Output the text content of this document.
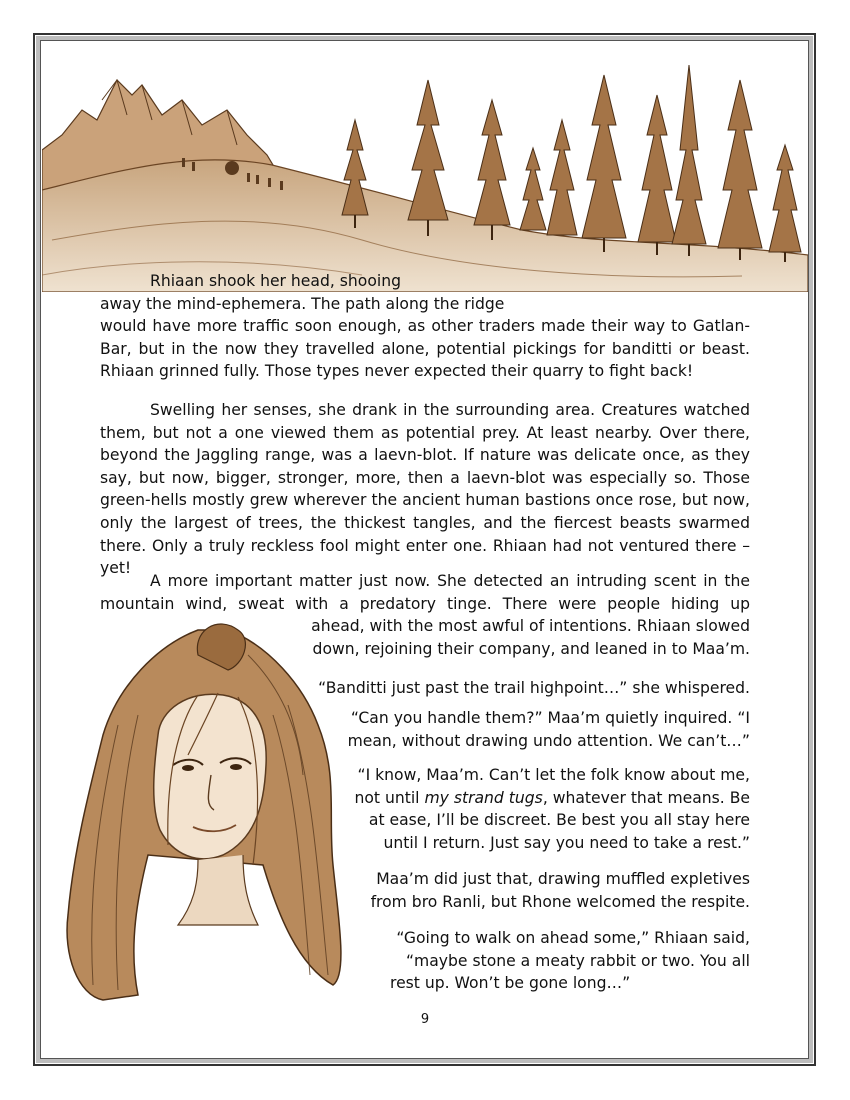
Rhiaan shook her head, shooing
away the mind-ephemera. The path along the ridge
would have more traffic soon enough, as other traders made their way to Gatlan-Bar, but in the now they travelled alone, potential pickings for banditti or beast. Rhiaan grinned fully. Those types never expected their quarry to fight back!

Swelling her senses, she drank in the surrounding area. Creatures watched them, but not a one viewed them as potential prey. At least nearby. Over there, beyond the Jaggling range, was a laevn-blot. If nature was delicate once, as they say, but now, bigger, stronger, more, then a laevn-blot was especially so. Those green-hells mostly grew wherever the ancient human bastions once rose, but now, only the largest of trees, the thickest tangles, and the fiercest beasts swarmed there. Only a truly reckless fool might enter one. Rhiaan had not ventured there – yet!

A more important matter just now. She detected an intruding scent in the
mountain wind, sweat with a predatory tinge. There were people hiding up
ahead, with the most awful of intentions. Rhiaan slowed
down, rejoining their company, and leaned in to Maa’m.
“Banditti just past the trail highpoint…” she whispered.
“Can you handle them?” Maa’m quietly inquired. “I
mean, without drawing undo attention. We can’t…”
“I know, Maa’m. Can’t let the folk know about me,
not until my strand tugs, whatever that means. Be
at ease, I’ll be discreet. Be best you all stay here
until I return. Just say you need to take a rest.”
Maa’m did just that, drawing muffled expletives
from bro Ranli, but Rhone welcomed the respite.
“Going to walk on ahead some,” Rhiaan said,
“maybe stone a meaty rabbit or two. You all
rest up. Won’t be gone long…”
9
